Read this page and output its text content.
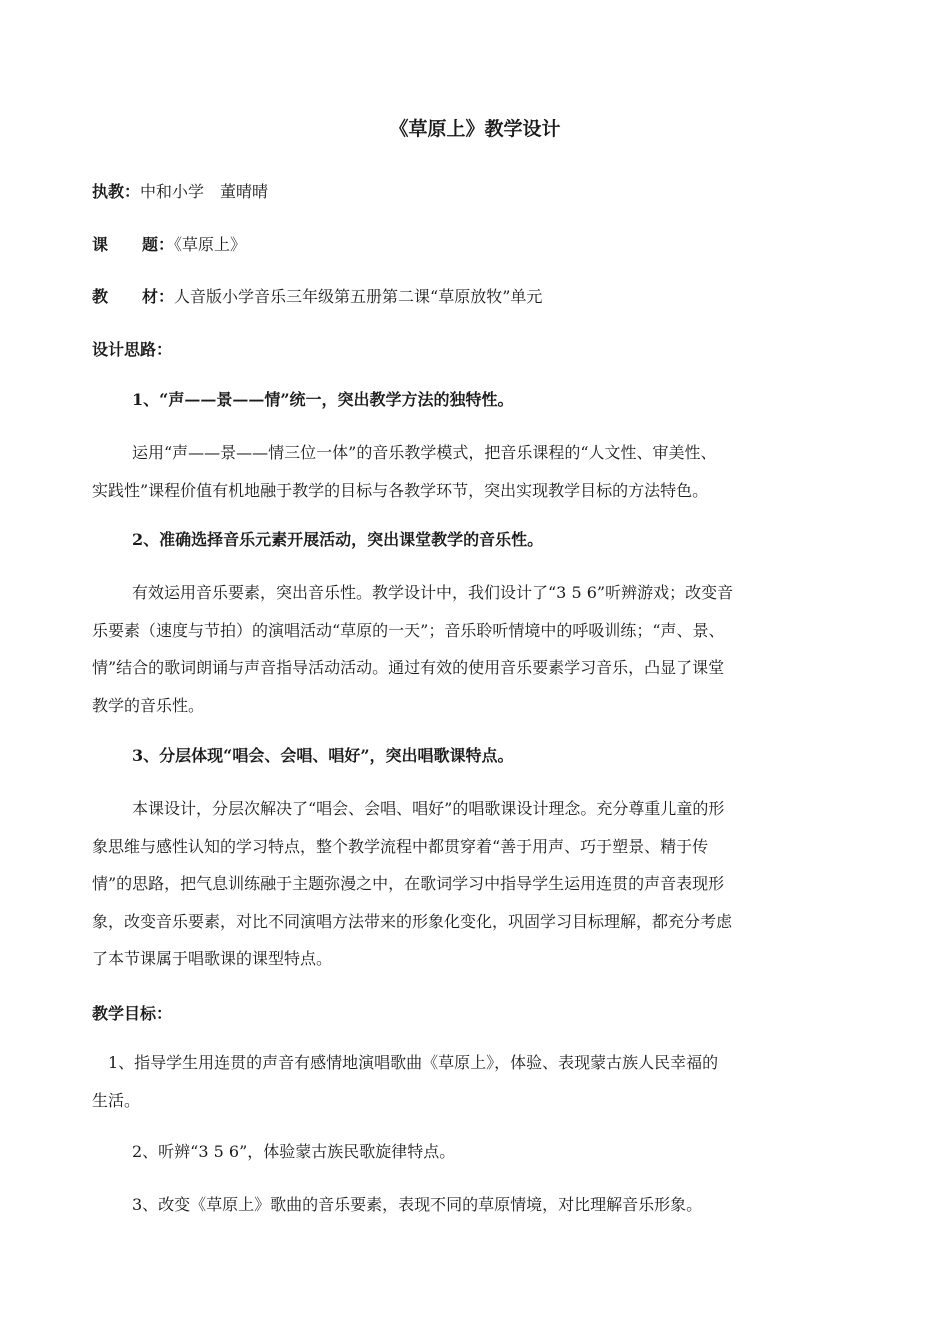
《草原上》教学设计
执教：中和小学　董晴晴
课 题：《草原上》
教 材：人音版小学音乐三年级第五册第二课“草原放牧”单元
设计思路：
1、“声——景——情”统一，突出教学方法的独特性。
运用“声——景——情三位一体”的音乐教学模式，把音乐课程的“人文性、审美性、
实践性”课程价值有机地融于教学的目标与各教学环节，突出实现教学目标的方法特色。
2、准确选择音乐元素开展活动，突出课堂教学的音乐性。
有效运用音乐要素，突出音乐性。教学设计中，我们设计了“3 5 6”听辨游戏；改变音
乐要素（速度与节拍）的演唱活动“草原的一天”；音乐聆听情境中的呼吸训练；“声、景、
情”结合的歌词朗诵与声音指导活动活动。通过有效的使用音乐要素学习音乐，凸显了课堂
教学的音乐性。
3、分层体现“唱会、会唱、唱好”，突出唱歌课特点。
本课设计，分层次解决了“唱会、会唱、唱好”的唱歌课设计理念。充分尊重儿童的形
象思维与感性认知的学习特点，整个教学流程中都贯穿着“善于用声、巧于塑景、精于传
情”的思路，把气息训练融于主题弥漫之中，在歌词学习中指导学生运用连贯的声音表现形
象，改变音乐要素，对比不同演唱方法带来的形象化变化，巩固学习目标理解，都充分考虑
了本节课属于唱歌课的课型特点。
教学目标：
1、指导学生用连贯的声音有感情地演唱歌曲《草原上》，体验、表现蒙古族人民幸福的
生活。
2、听辨“3 5 6”，体验蒙古族民歌旋律特点。
3、改变《草原上》歌曲的音乐要素，表现不同的草原情境，对比理解音乐形象。
